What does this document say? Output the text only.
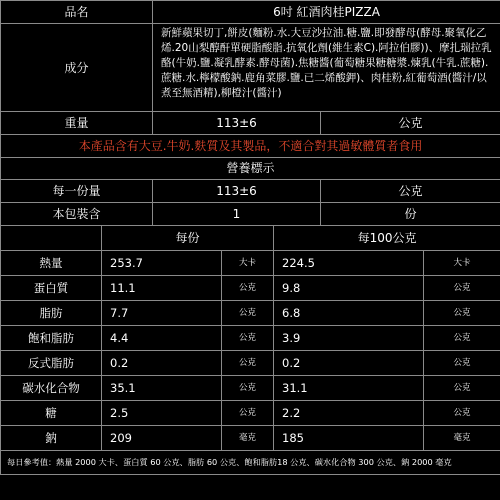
品名	6吋 紅酒肉桂PIZZA	
成分	新鮮蘋果切丁,餅皮(麵粉.水.大豆沙拉油.糖.鹽.即發酵母(酵母.聚氧化乙烯.20山梨醇酐單硬脂酸脂.抗氧化劑(維生素C).阿拉伯膠))、摩扎瑞拉乳酪(牛奶.鹽.凝乳酵素.酵母菌).焦糖醬(葡萄糖果糖糖漿.煉乳(牛乳.蔗糖).蔗糖.水.檸檬酸鈉.鹿角菜膠.鹽.已二烯酸鉀)、肉桂粉,紅葡萄酒(醬汁/以煮至無酒精),柳橙汁(醬汁)	
重量	113±6	公克
本產品含有大豆.牛奶.麩質及其製品，不適合對其過敏體質者食用		
營養標示		
每一份量	113±6	公克
本包裝含	1	份
	每份		每100公克	
熱量	253.7	大卡	224.5	大卡
蛋白質	11.1	公克	9.8	公克
脂肪	7.7	公克	6.8	公克
飽和脂肪	4.4	公克	3.9	公克
反式脂肪	0.2	公克	0.2	公克
碳水化合物	35.1	公克	31.1	公克
糖	2.5	公克	2.2	公克
鈉	209	毫克	185	毫克
每日參考值：熱量 2000 大卡、蛋白質 60 公克、脂肪 60 公克、飽和脂肪18 公克、碳水化合物 300 公克、鈉 2000 毫克				
